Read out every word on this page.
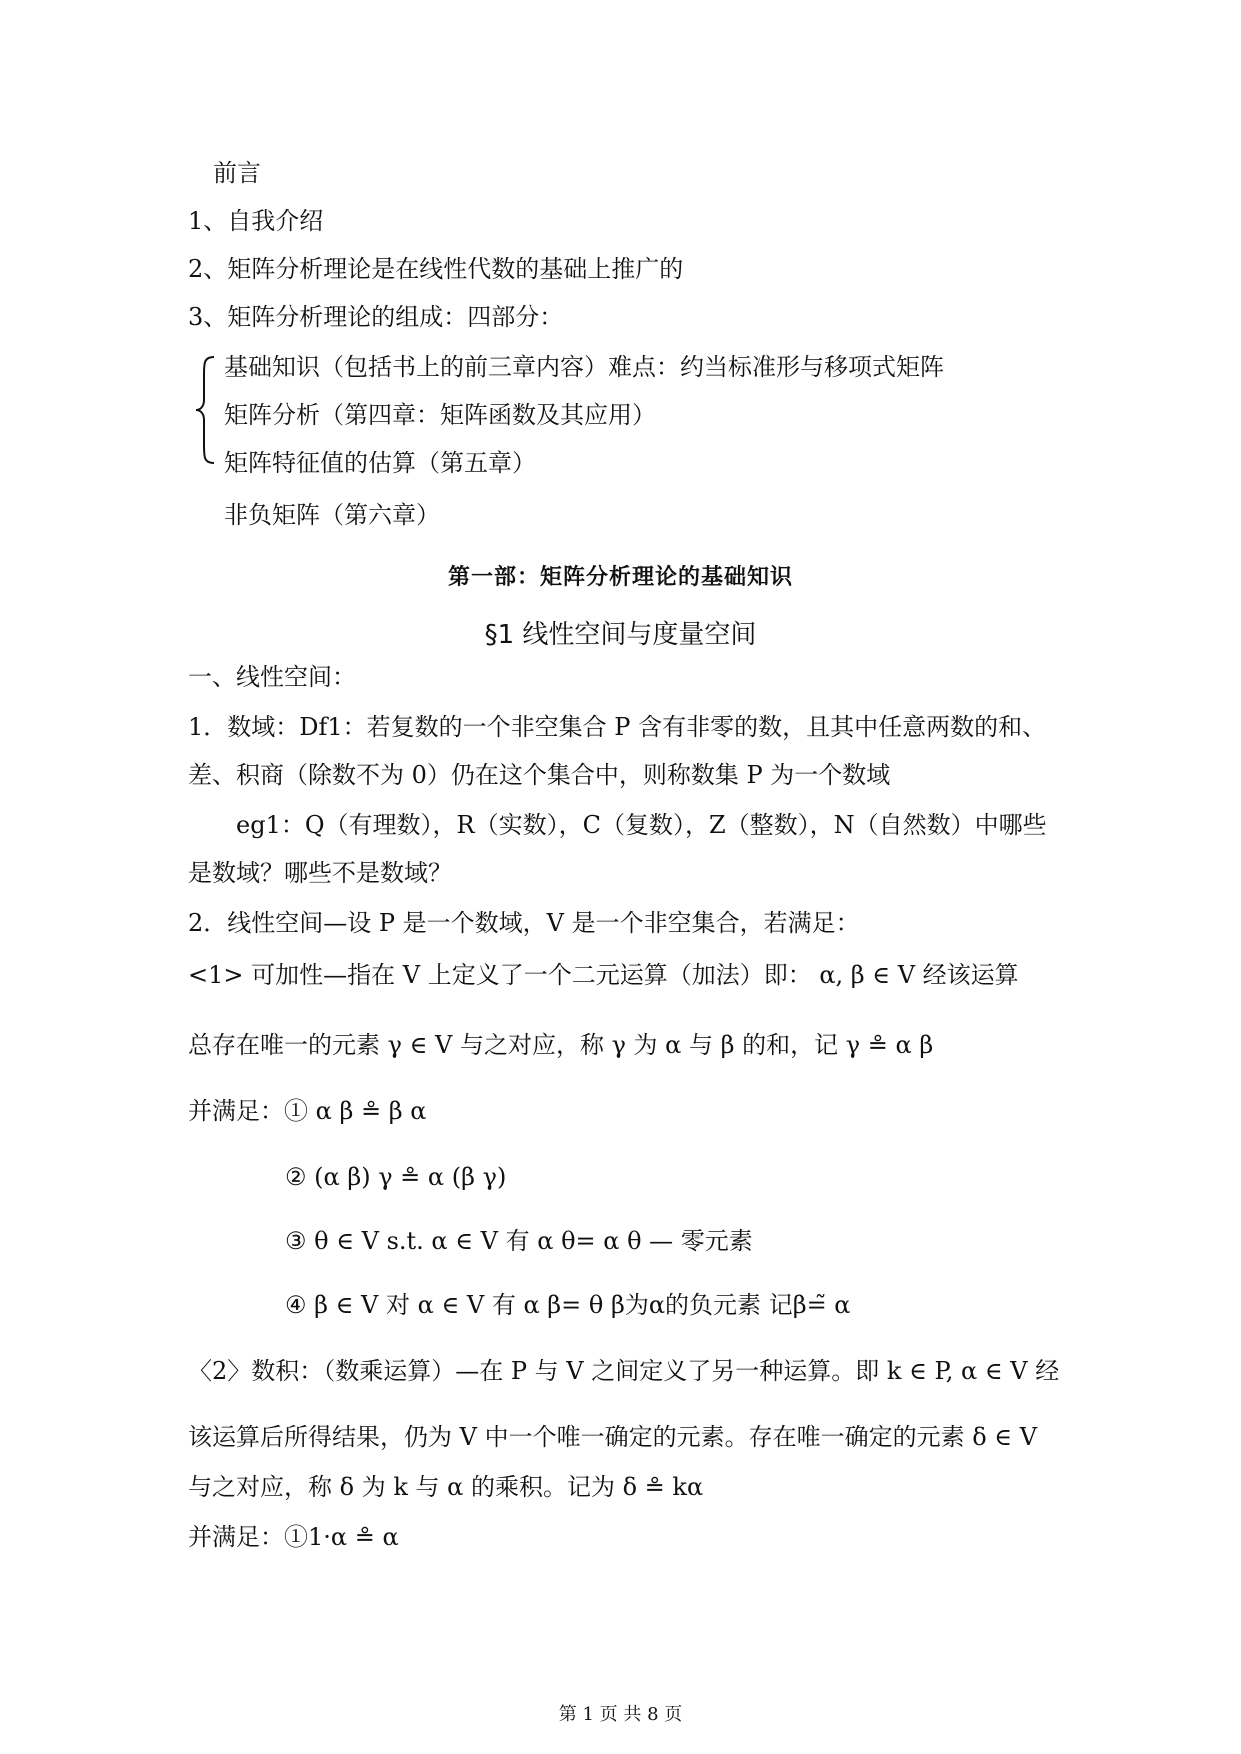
前言
1、自我介绍
2、矩阵分析理论是在线性代数的基础上推广的
3、矩阵分析理论的组成：四部分：
基础知识（包括书上的前三章内容）难点：约当标准形与移项式矩阵
矩阵分析（第四章：矩阵函数及其应用）
矩阵特征值的估算（第五章）
非负矩阵（第六章）
第一部：矩阵分析理论的基础知识
§1 线性空间与度量空间
一、线性空间：
1．数域：Df1：若复数的一个非空集合 P 含有非零的数，且其中任意两数的和、
差、积商（除数不为 0）仍在这个集合中，则称数集 P 为一个数域
eg1：Q（有理数），R（实数），C（复数），Z（整数），N（自然数）中哪些
是数域？哪些不是数域？
2．线性空间—设 P 是一个数域，V 是一个非空集合，若满足：
<1> 可加性—指在 V 上定义了一个二元运算（加法）即： α, β ∈ V 经该运算
总存在唯一的元素 γ ∈ V 与之对应，称 γ 为 α 与 β 的和，记 γ ≗ α β
并满足：① α β ≗ β α
② (α β) γ ≗ α (β γ)
③ θ ∈ V s.t. α ∈ V 有 α θ= α θ — 零元素
④ β ∈ V 对 α ∈ V 有 α β= θ β为α的负元素 记β=̃ α
〈2〉数积：（数乘运算）—在 P 与 V 之间定义了另一种运算。即 k ∈ P, α ∈ V 经
该运算后所得结果，仍为 V 中一个唯一确定的元素。存在唯一确定的元素 δ ∈ V
与之对应，称 δ 为 k 与 α 的乘积。记为 δ ≗ kα
并满足：①1·α ≗ α
第 1 页 共 8 页
